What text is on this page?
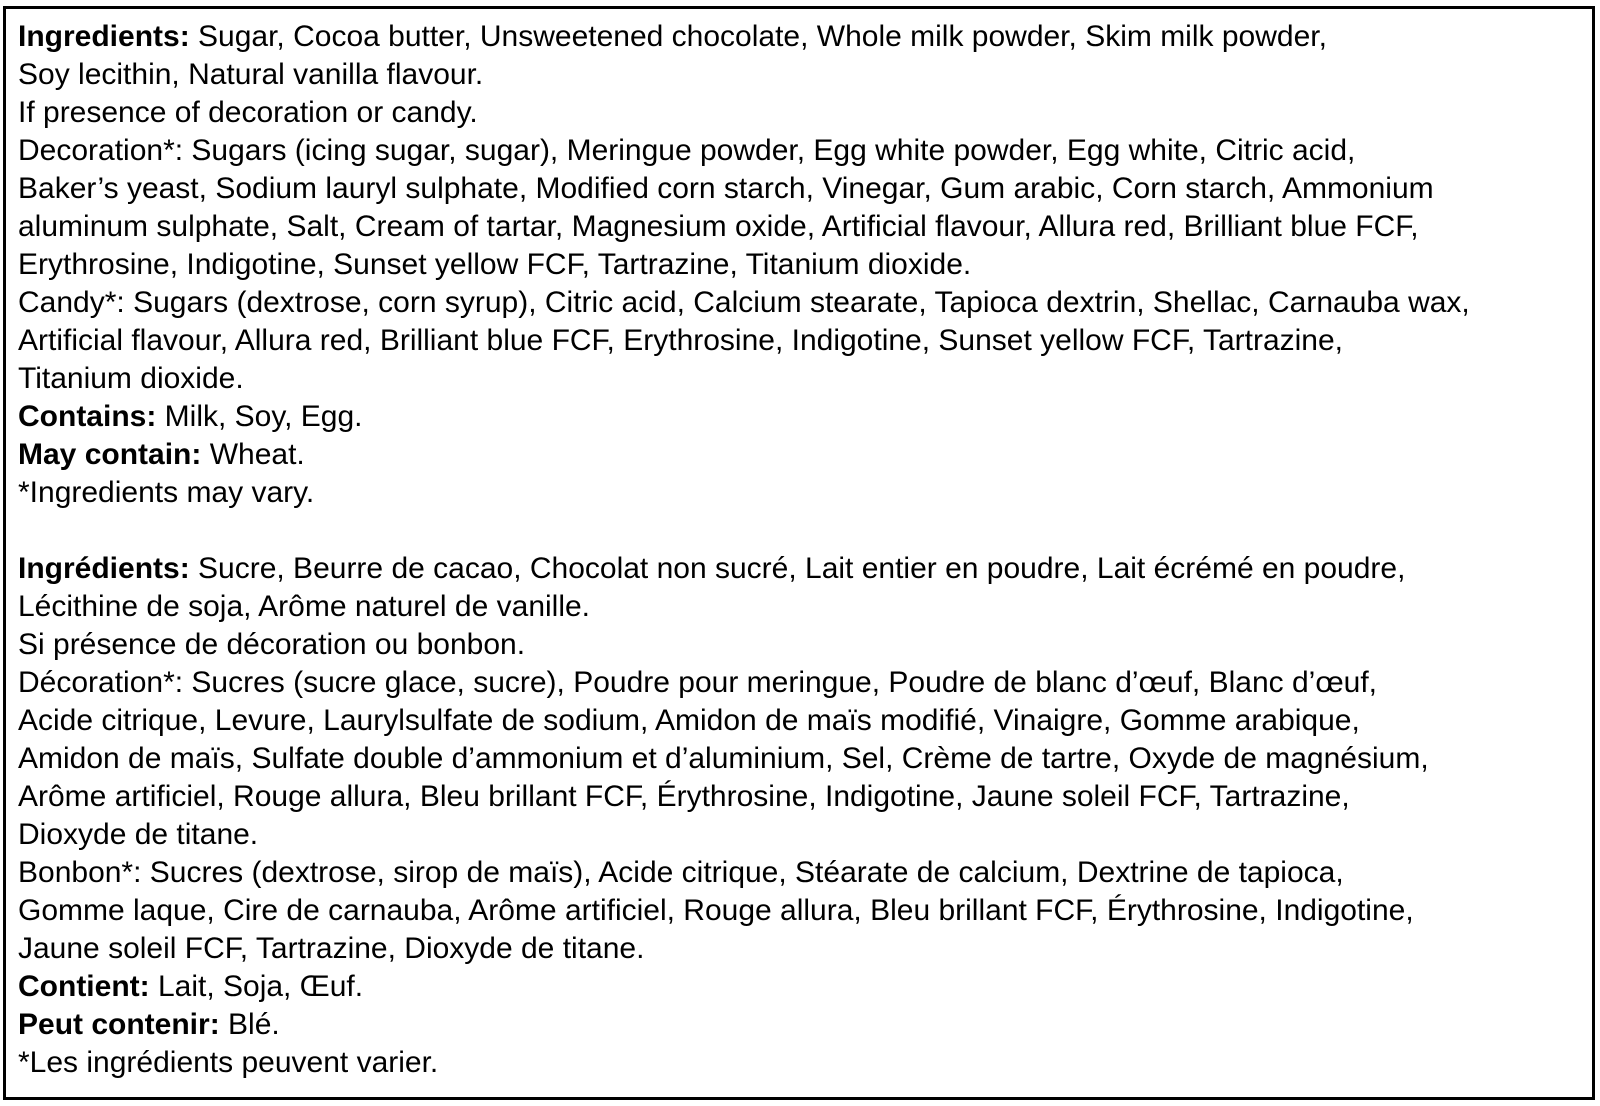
Ingredients: Sugar, Cocoa butter, Unsweetened chocolate, Whole milk powder, Skim milk powder,
Soy lecithin, Natural vanilla flavour.
If presence of decoration or candy.
Decoration*: Sugars (icing sugar, sugar), Meringue powder, Egg white powder, Egg white, Citric acid,
Baker’s yeast, Sodium lauryl sulphate, Modified corn starch, Vinegar, Gum arabic, Corn starch, Ammonium
aluminum sulphate, Salt, Cream of tartar, Magnesium oxide, Artificial flavour, Allura red, Brilliant blue FCF,
Erythrosine, Indigotine, Sunset yellow FCF, Tartrazine, Titanium dioxide.
Candy*: Sugars (dextrose, corn syrup), Citric acid, Calcium stearate, Tapioca dextrin, Shellac, Carnauba wax,
Artificial flavour, Allura red, Brilliant blue FCF, Erythrosine, Indigotine, Sunset yellow FCF, Tartrazine,
Titanium dioxide.
Contains: Milk, Soy, Egg.
May contain: Wheat.
*Ingredients may vary.
Ingrédients: Sucre, Beurre de cacao, Chocolat non sucré, Lait entier en poudre, Lait écrémé en poudre,
Lécithine de soja, Arôme naturel de vanille.
Si présence de décoration ou bonbon.
Décoration*: Sucres (sucre glace, sucre), Poudre pour meringue, Poudre de blanc d’œuf, Blanc d’œuf,
Acide citrique, Levure, Laurylsulfate de sodium, Amidon de maïs modifié, Vinaigre, Gomme arabique,
Amidon de maïs, Sulfate double d’ammonium et d’aluminium, Sel, Crème de tartre, Oxyde de magnésium,
Arôme artificiel, Rouge allura, Bleu brillant FCF, Érythrosine, Indigotine, Jaune soleil FCF, Tartrazine,
Dioxyde de titane.
Bonbon*: Sucres (dextrose, sirop de maïs), Acide citrique, Stéarate de calcium, Dextrine de tapioca,
Gomme laque, Cire de carnauba, Arôme artificiel, Rouge allura, Bleu brillant FCF, Érythrosine, Indigotine,
Jaune soleil FCF, Tartrazine, Dioxyde de titane.
Contient: Lait, Soja, Œuf.
Peut contenir: Blé.
*Les ingrédients peuvent varier.
